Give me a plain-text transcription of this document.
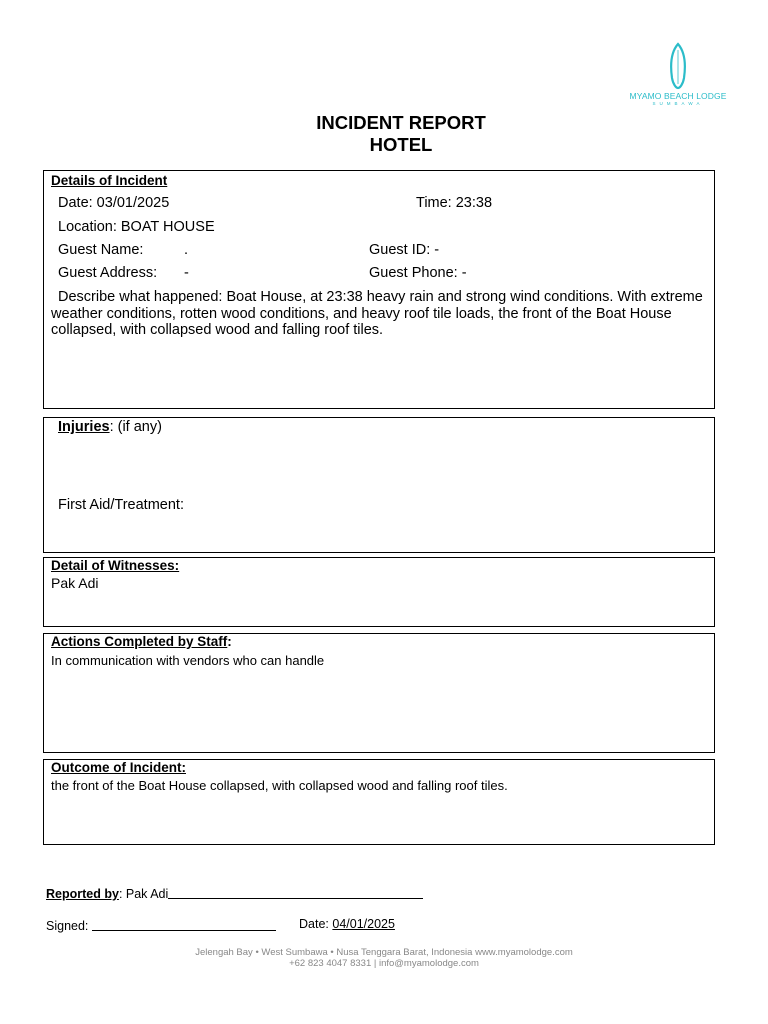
MYAMO BEACH LODGE
SUMBAWA
INCIDENT REPORT
HOTEL
Details of Incident
Date: 03/01/2025	Time: 23:38
Location: BOAT HOUSE
Guest Name:	.	Guest ID: -
Guest Address: -	Guest Phone: -
Describe what happened: Boat House, at 23:38 heavy rain and strong wind conditions. With extreme weather conditions, rotten wood conditions, and heavy roof tile loads, the front of the Boat House collapsed, with collapsed wood and falling roof tiles.
Injuries: (if any)
First Aid/Treatment:
Detail of Witnesses:
Pak Adi
Actions Completed by Staff:
In communication with vendors who can handle
Outcome of Incident:
the front of the Boat House collapsed, with collapsed wood and falling roof tiles.
Reported by: Pak Adi
Signed:	Date: 04/01/2025
Jelengah Bay • West Sumbawa • Nusa Tenggara Barat, Indonesia www.myamolodge.com
+62 823 4047 8331 | info@myamolodge.com
